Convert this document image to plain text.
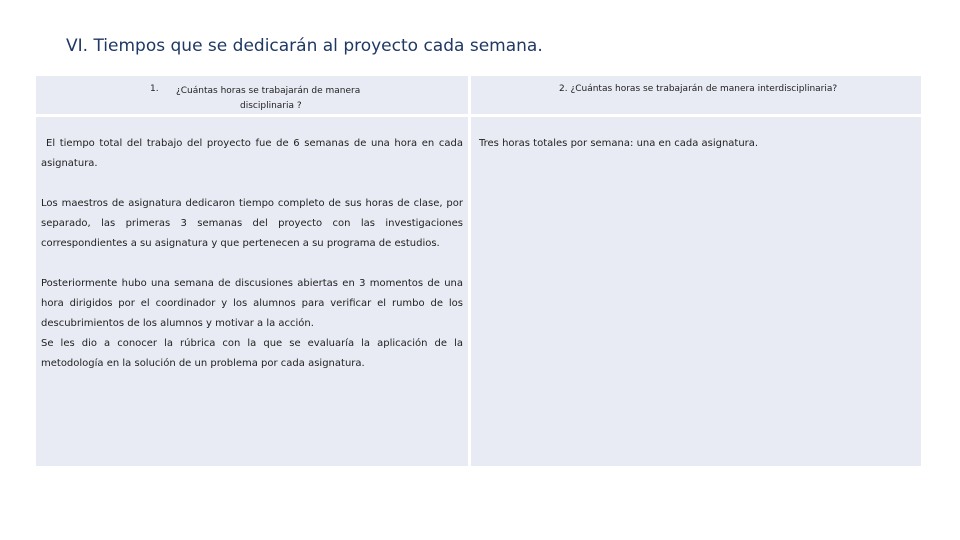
VI. Tiempos que se dedicarán al proyecto cada semana.
1. ¿Cuántas horas se trabajarán de manera
disciplinaria ?
2. ¿Cuántas horas se trabajarán de manera interdisciplinaria?

El tiempo total del trabajo del proyecto fue de 6 semanas de una hora en cada asignatura.

Los maestros de asignatura dedicaron tiempo completo de sus horas de clase, por separado, las primeras 3 semanas del proyecto con las investigaciones correspondientes a su asignatura y que pertenecen a su programa de estudios.

Posteriormente hubo una semana de discusiones abiertas en 3 momentos de una hora dirigidos por el coordinador y los alumnos para verificar el rumbo de los descubrimientos de los alumnos y motivar a la acción.

Se les dio a conocer la rúbrica con la que se evaluaría la aplicación de la metodología en la solución de un problema por cada asignatura.

Tres horas totales por semana: una en cada asignatura.
